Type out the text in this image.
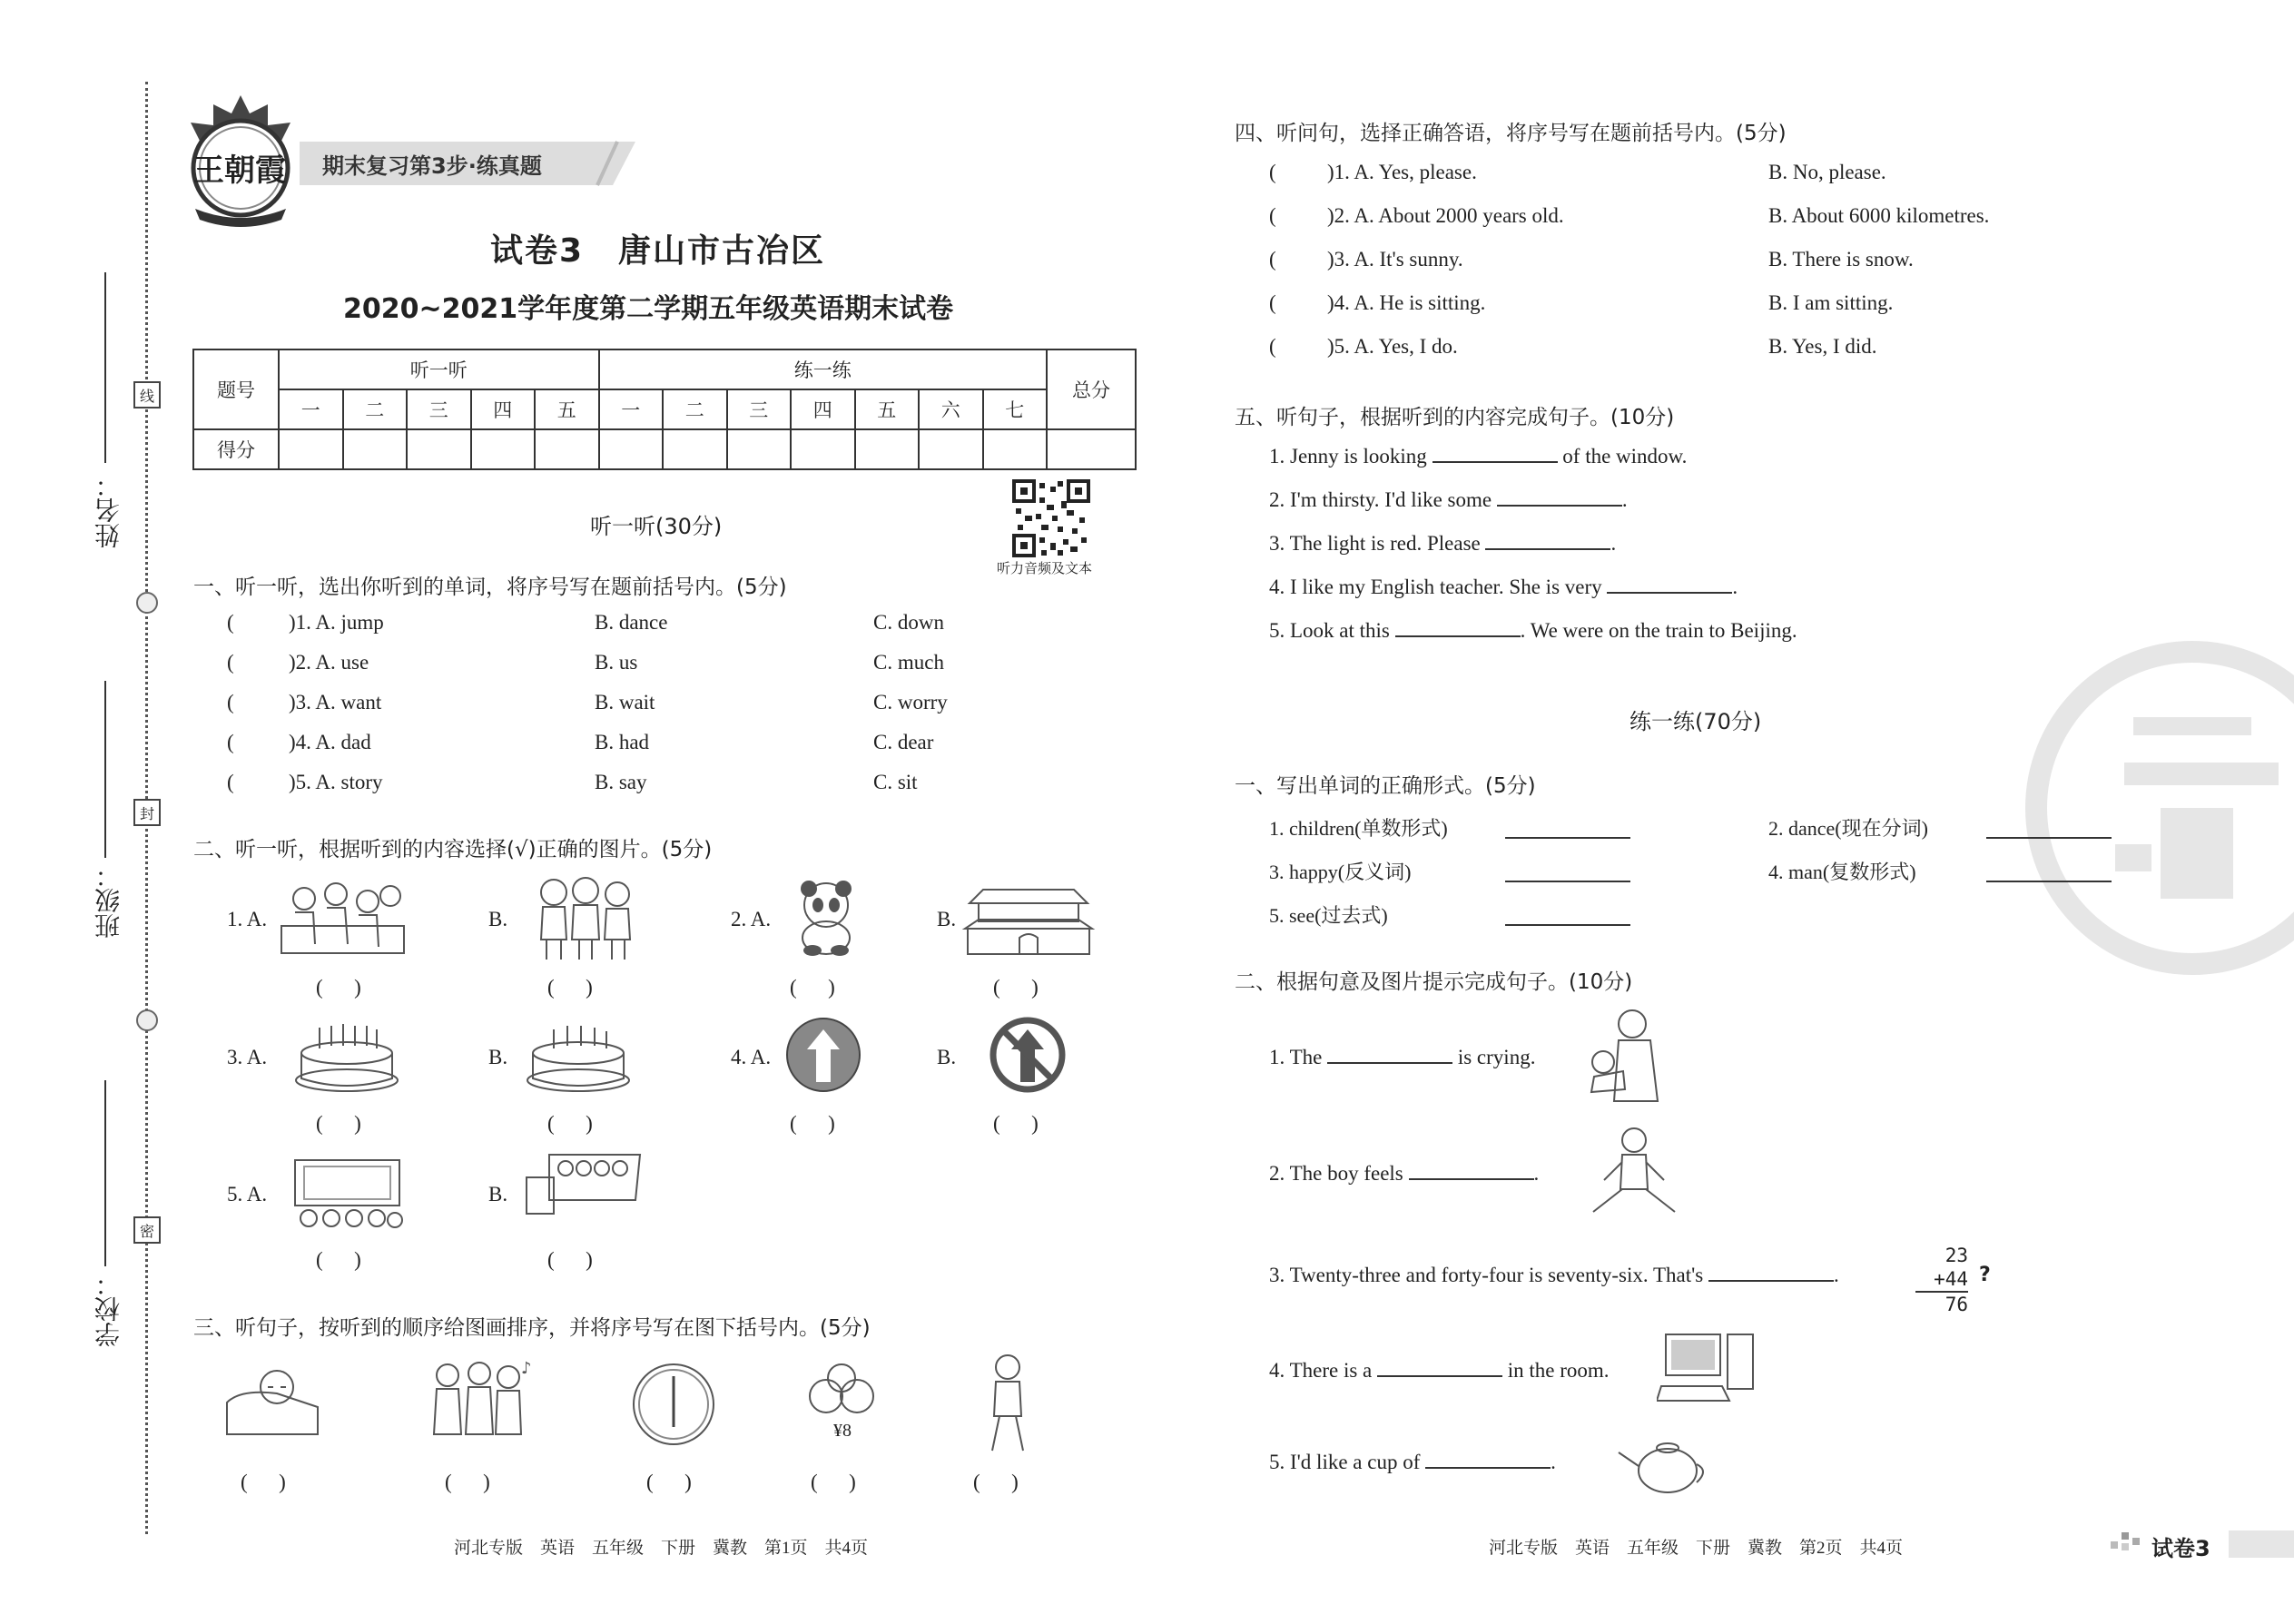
姓名：
班级：
学校：
线
封
密
王朝霞 期末复习第3步·练真题
试卷3　唐山市古冶区
2020~2021学年度第二学期五年级英语期末试卷
题号	听一听					练一练							总分
	一	二	三	四	五	一	二	三	四	五	六	七	
得分													
听力音频及文本
听一听(30分)
一、听一听，选出你听到的单词，将序号写在题前括号内。(5分)
(	)1. A. jump	B. dance	C. down
(	)2. A. use	B. us	C. much
(	)3. A. want	B. wait	C. worry
(	)4. A. dad	B. had	C. dear
(	)5. A. story	B. say	C. sit
二、听一听，根据听到的内容选择(√)正确的图片。(5分)
1. A.	B.	2. A.	B.
3. A.	B.	4. A.	B.
5. A.	B.
(      )	(      )	(      )	(      )
(      )	(      )	(      )	(      )
(      )	(      )
三、听句子，按听到的顺序给图画排序，并将序号写在图下括号内。(5分)
♪
¥8
(      )	(      )	(      )	(      )	(      )
河北专版　英语　五年级　下册　冀教　第1页　共4页
四、听问句，选择正确答语，将序号写在题前括号内。(5分)
( )1. A. Yes, please.	B. No, please.
( )2. A. About 2000 years old.	B. About 6000 kilometres.
( )3. A. It's sunny.	B. There is snow.
( )4. A. He is sitting.	B. I am sitting.
( )5. A. Yes, I do.	B. Yes, I did.
五、听句子，根据听到的内容完成句子。(10分)
1. Jenny is looking	of the window.
2. I'm thirsty. I'd like some	.
3. The light is red. Please	.
4. I like my English teacher. She is very	.
5. Look at this	. We were on the train to Beijing.
练一练(70分)
一、写出单词的正确形式。(5分)
1. children(单数形式)	2. dance(现在分词)
3. happy(反义词)	4. man(复数形式)
5. see(过去式)
二、根据句意及图片提示完成句子。(10分)
1. The	is crying.
2. The boy feels	.
3. Twenty-three and forty-four is seventy-six. That's	.
4. There is a	in the room.
5. I'd like a cup of	.
23
+44
76
?
河北专版　英语　五年级　下册　冀教　第2页　共4页	试卷3
